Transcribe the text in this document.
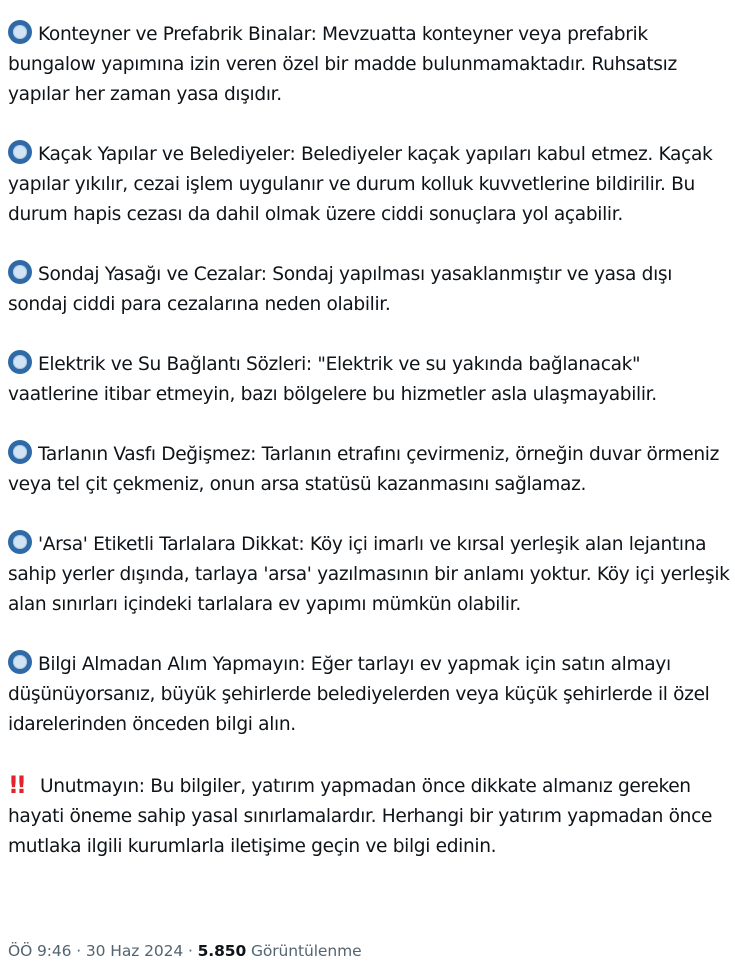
Konteyner ve Prefabrik Binalar: Mevzuatta konteyner veya prefabrik bungalow yapımına izin veren özel bir madde bulunmamaktadır. Ruhsatsız yapılar her zaman yasa dışıdır.

Kaçak Yapılar ve Belediyeler: Belediyeler kaçak yapıları kabul etmez. Kaçak yapılar yıkılır, cezai işlem uygulanır ve durum kolluk kuvvetlerine bildirilir. Bu durum hapis cezası da dahil olmak üzere ciddi sonuçlara yol açabilir.

Sondaj Yasağı ve Cezalar: Sondaj yapılması yasaklanmıştır ve yasa dışı sondaj ciddi para cezalarına neden olabilir.

Elektrik ve Su Bağlantı Sözleri: "Elektrik ve su yakında bağlanacak" vaatlerine itibar etmeyin, bazı bölgelere bu hizmetler asla ulaşmayabilir.

Tarlanın Vasfı Değişmez: Tarlanın etrafını çevirmeniz, örneğin duvar örmeniz veya tel çit çekmeniz, onun arsa statüsü kazanmasını sağlamaz.

'Arsa' Etiketli Tarlalara Dikkat: Köy içi imarlı ve kırsal yerleşik alan lejantına sahip yerler dışında, tarlaya 'arsa' yazılmasının bir anlamı yoktur. Köy içi yerleşik alan sınırları içindeki tarlalara ev yapımı mümkün olabilir.

Bilgi Almadan Alım Yapmayın: Eğer tarlayı ev yapmak için satın almayı düşünüyorsanız, büyük şehirlerde belediyelerden veya küçük şehirlerde il özel idarelerinden önceden bilgi alın.

!! Unutmayın: Bu bilgiler, yatırım yapmadan önce dikkate almanız gereken hayati öneme sahip yasal sınırlamalardır. Herhangi bir yatırım yapmadan önce mutlaka ilgili kurumlarla iletişime geçin ve bilgi edinin.

ÖÖ 9:46 · 30 Haz 2024 · 5.850 Görüntülenme
